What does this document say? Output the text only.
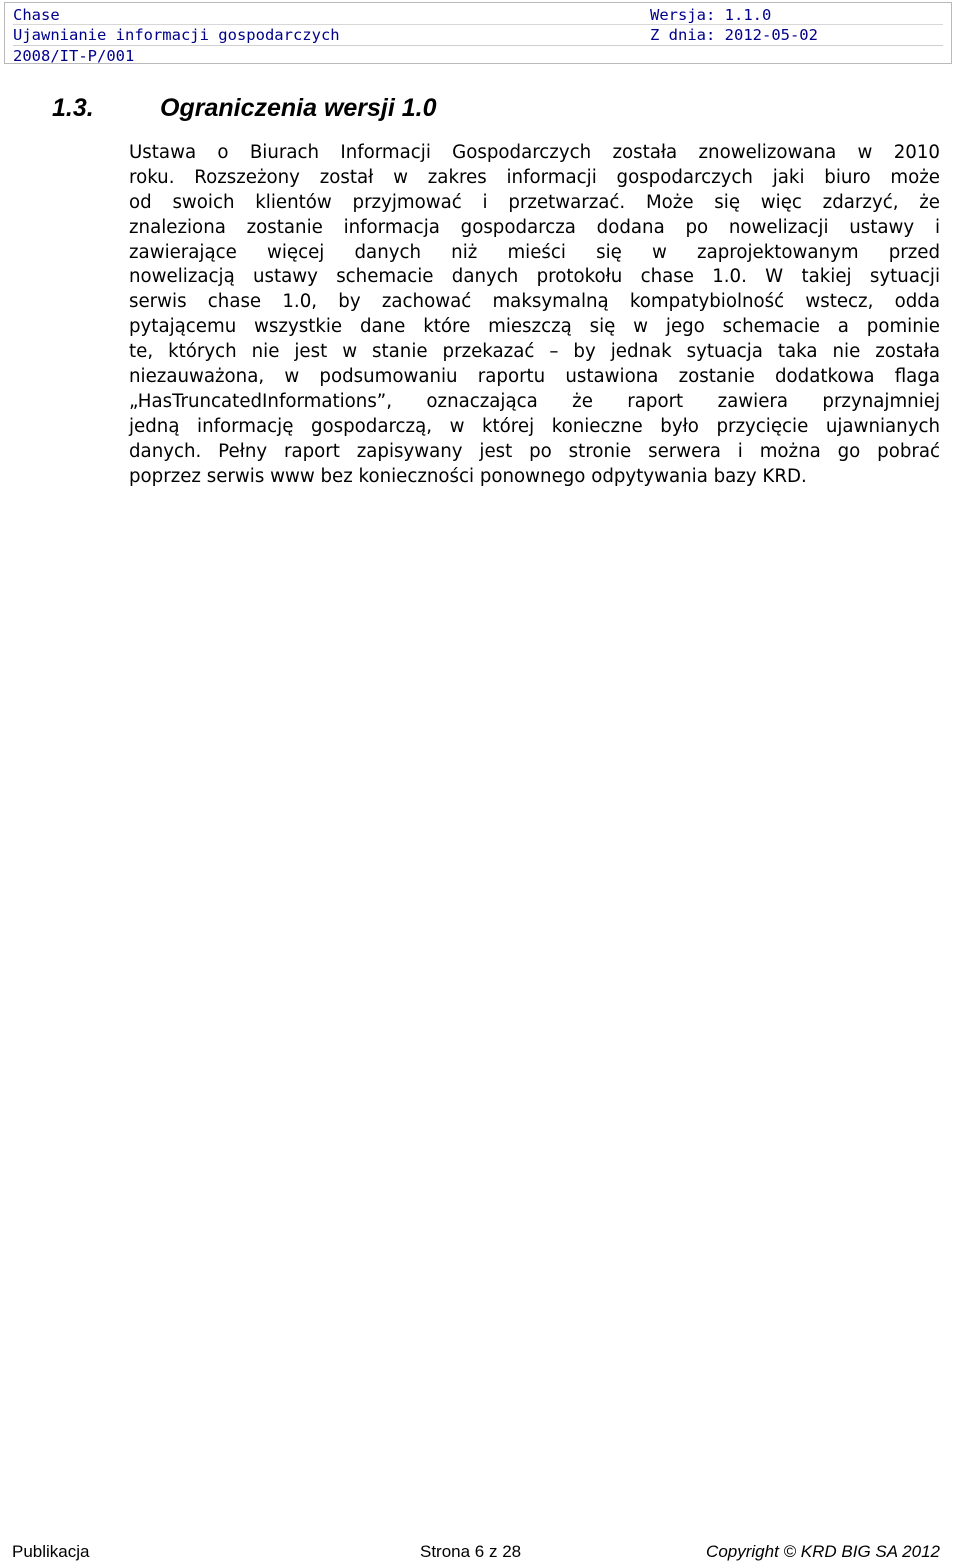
Chase	Wersja: 1.1.0
Ujawnianie informacji gospodarczych	Z dnia: 2012-05-02
2008/IT-P/001
1.3.	Ograniczenia wersji 1.0
Ustawa o Biurach Informacji Gospodarczych została znowelizowana w 2010
roku. Rozszeżony został w zakres informacji gospodarczych jaki biuro może
od swoich klientów przyjmować i przetwarzać. Może się więc zdarzyć, że
znaleziona zostanie informacja gospodarcza dodana po nowelizacji ustawy i
zawierające więcej danych niż mieści się w zaprojektowanym przed
nowelizacją ustawy schemacie danych protokołu chase 1.0. W takiej sytuacji
serwis chase 1.0, by zachować maksymalną kompatybiolność wstecz, odda
pytającemu wszystkie dane które mieszczą się w jego schemacie a pominie
te, których nie jest w stanie przekazać – by jednak sytuacja taka nie została
niezauważona, w podsumowaniu raportu ustawiona zostanie dodatkowa flaga
„HasTruncatedInformations”, oznaczająca że raport zawiera przynajmniej
jedną informację gospodarczą, w której konieczne było przycięcie ujawnianych
danych. Pełny raport zapisywany jest po stronie serwera i można go pobrać
poprzez serwis www bez konieczności ponownego odpytywania bazy KRD.
Publikacja	Strona 6 z 28	Copyright © KRD BIG SA 2012
